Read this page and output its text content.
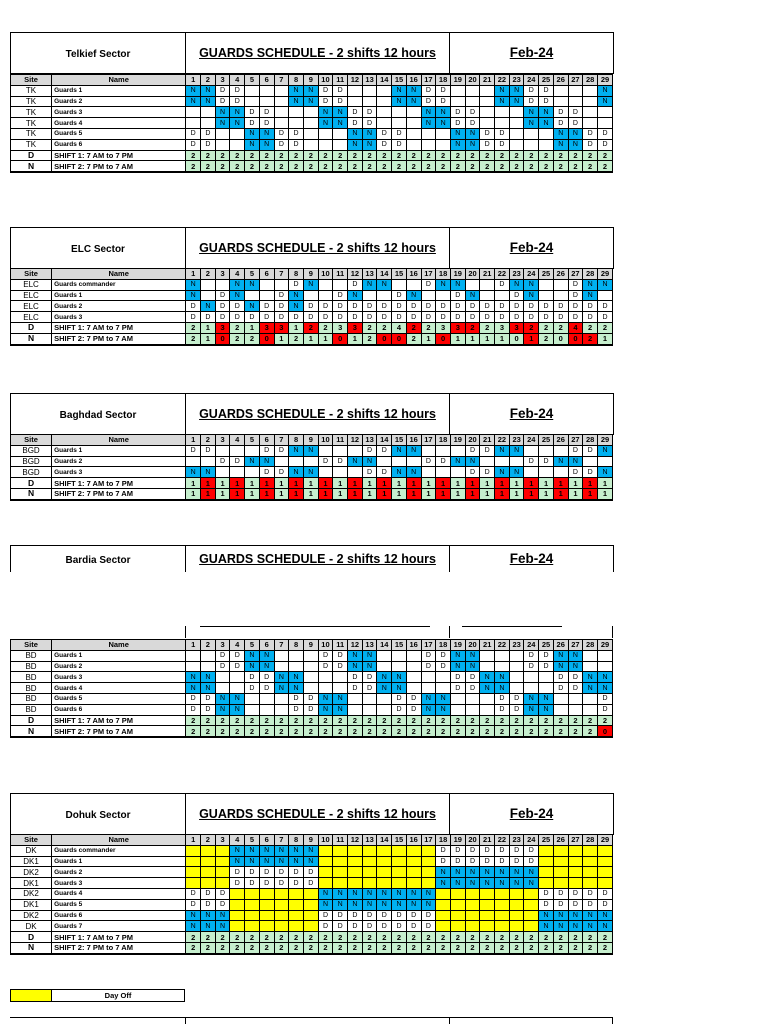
Telkief Sector	GUARDS SCHEDULE - 2 shifts 12 hours	Feb-24
Site	Name	1	2	3	4	5	6	7	8	9	10	11	12	13	14	15	16	17	18	19	20	21	22	23	24	25	26	27	28	29
TK	Guards 1	N	N	D	D				N	N	D	D				N	N	D	D				N	N	D	D				N
TK	Guards 2	N	N	D	D				N	N	D	D				N	N	D	D				N	N	D	D				N
TK	Guards 3			N	N	D	D				N	N	D	D				N	N	D	D				N	N	D	D		
TK	Guards 4			N	N	D	D				N	N	D	D				N	N	D	D				N	N	D	D		
TK	Guards 5	D	D			N	N	D	D				N	N	D	D				N	N	D	D				N	N	D	D
TK	Guards 6	D	D			N	N	D	D				N	N	D	D				N	N	D	D				N	N	D	D
D	SHIFT 1: 7 AM to 7 PM	2	2	2	2	2	2	2	2	2	2	2	2	2	2	2	2	2	2	2	2	2	2	2	2	2	2	2	2	2
N	SHIFT 2: 7 PM to 7 AM	2	2	2	2	2	2	2	2	2	2	2	2	2	2	2	2	2	2	2	2	2	2	2	2	2	2	2	2	2
ELC Sector	GUARDS SCHEDULE - 2 shifts 12 hours	Feb-24
Site	Name	1	2	3	4	5	6	7	8	9	10	11	12	13	14	15	16	17	18	19	20	21	22	23	24	25	26	27	28	29
ELC	Guards commander	N			N	N			D	N			D	N	N			D	N	N			D	N	N			D	N	N
ELC	Guards 1	N		D	N			D	N			D	N			D	N			D	N			D	N			D	N	
ELC	Guards 2	D	N	D	D	N	D	D	N	D	D	D	D	D	D	D	D	D	D	D	D	D	D	D	D	D	D	D	D	D
ELC	Guards 3	D	D	D	D	D	D	D	D	D	D	D	D	D	D	D	D	D	D	D	D	D	D	D	D	D	D	D	D	D
D	SHIFT 1: 7 AM to 7 PM	2	1	3	2	1	3	3	1	2	2	3	3	2	2	4	2	2	3	3	2	2	3	3	2	2	2	4	2	2
N	SHIFT 2: 7 PM to 7 AM	2	1	0	2	2	0	1	2	1	1	0	1	2	0	0	2	1	0	1	1	1	1	0	1	2	0	0	2	1
Baghdad Sector	GUARDS SCHEDULE - 2 shifts 12 hours	Feb-24
Site	Name	1	2	3	4	5	6	7	8	9	10	11	12	13	14	15	16	17	18	19	20	21	22	23	24	25	26	27	28	29
BGD	Guards 1	D	D				D	D	N	N				D	D	N	N				D	D	N	N				D	D	N
BGD	Guards 2			D	D	N	N				D	D	N	N				D	D	N	N				D	D	N	N		
BGD	Guards 3	N	N				D	D	N	N				D	D	N	N				D	D	N	N				D	D	N
D	SHIFT 1: 7 AM to 7 PM	1	1	1	1	1	1	1	1	1	1	1	1	1	1	1	1	1	1	1	1	1	1	1	1	1	1	1	1	1
N	SHIFT 2: 7 PM to 7 AM	1	1	1	1	1	1	1	1	1	1	1	1	1	1	1	1	1	1	1	1	1	1	1	1	1	1	1	1	1
Bardia Sector	GUARDS SCHEDULE - 2 shifts 12 hours	Feb-24
Site	Name	1	2	3	4	5	6	7	8	9	10	11	12	13	14	15	16	17	18	19	20	21	22	23	24	25	26	27	28	29
BD	Guards 1			D	D	N	N				D	D	N	N				D	D	N	N				D	D	N	N		
BD	Guards 2			D	D	N	N				D	D	N	N				D	D	N	N				D	D	N	N		
BD	Guards 3	N	N			D	D	N	N				D	D	N	N				D	D	N	N				D	D	N	N
BD	Guards 4	N	N			D	D	N	N				D	D	N	N				D	D	N	N				D	D	N	N
BD	Guards 5	D	D	N	N				D	D	N	N				D	D	N	N				D	D	N	N				D
BD	Guards 6	D	D	N	N				D	D	N	N				D	D	N	N				D	D	N	N				D
D	SHIFT 1: 7 AM to 7 PM	2	2	2	2	2	2	2	2	2	2	2	2	2	2	2	2	2	2	2	2	2	2	2	2	2	2	2	2	2
N	SHIFT 2: 7 PM to 7 AM	2	2	2	2	2	2	2	2	2	2	2	2	2	2	2	2	2	2	2	2	2	2	2	2	2	2	2	2	0
Dohuk Sector	GUARDS SCHEDULE - 2 shifts 12 hours	Feb-24
Site	Name	1	2	3	4	5	6	7	8	9	10	11	12	13	14	15	16	17	18	19	20	21	22	23	24	25	26	27	28	29
DK	Guards commander				N	N	N	N	N	N									D	D	D	D	D	D	D					
DK1	Guards 1				N	N	N	N	N	N									D	D	D	D	D	D	D					
DK2	Guards 2				D	D	D	D	D	D									N	N	N	N	N	N	N					
DK1	Guards 3				D	D	D	D	D	D									N	N	N	N	N	N	N					
DK2	Guards 4	D	D	D							N	N	N	N	N	N	N	N								D	D	D	D	D
DK1	Guards 5	D	D	D							N	N	N	N	N	N	N	N								D	D	D	D	D
DK2	Guards 6	N	N	N							D	D	D	D	D	D	D	D								N	N	N	N	N
DK	Guards 7	N	N	N							D	D	D	D	D	D	D	D								N	N	N	N	N
D	SHIFT 1: 7 AM to 7 PM	2	2	2	2	2	2	2	2	2	2	2	2	2	2	2	2	2	2	2	2	2	2	2	2	2	2	2	2	2
N	SHIFT 2: 7 PM to 7 AM	2	2	2	2	2	2	2	2	2	2	2	2	2	2	2	2	2	2	2	2	2	2	2	2	2	2	2	2	2
	Day Off
